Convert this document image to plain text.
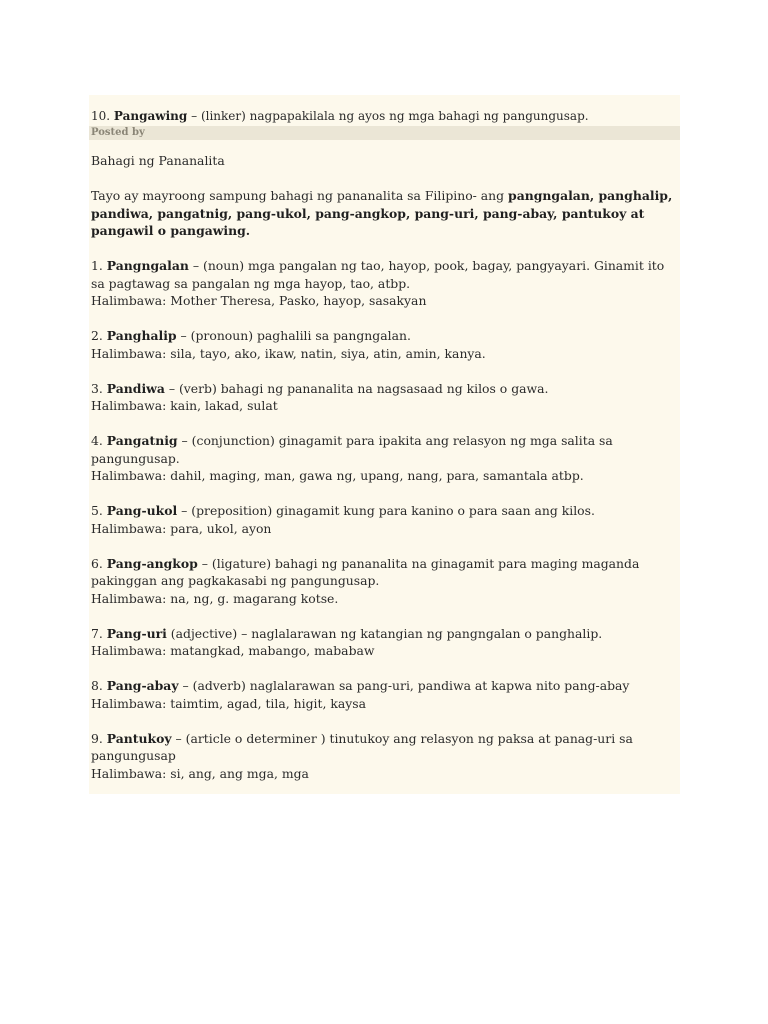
10. Pangawing – (linker) nagpapakilala ng ayos ng mga bahagi ng pangungusap.
Posted by

Bahagi ng Pananalita

Tayo ay mayroong sampung bahagi ng pananalita sa Filipino- ang pangngalan, panghalip, pandiwa, pangatnig, pang-ukol, pang-angkop, pang-uri, pang-abay, pantukoy at pangawil o pangawing.

1. Pangngalan – (noun) mga pangalan ng tao, hayop, pook, bagay, pangyayari. Ginamit ito sa pagtawag sa pangalan ng mga hayop, tao, atbp.

Halimbawa: Mother Theresa, Pasko, hayop, sasakyan

2. Panghalip – (pronoun) paghalili sa pangngalan.

Halimbawa: sila, tayo, ako, ikaw, natin, siya, atin, amin, kanya.

3. Pandiwa – (verb) bahagi ng pananalita na nagsasaad ng kilos o gawa.

Halimbawa: kain, lakad, sulat

4. Pangatnig – (conjunction) ginagamit para ipakita ang relasyon ng mga salita sa pangungusap.

Halimbawa: dahil, maging, man, gawa ng, upang, nang, para, samantala atbp.

5. Pang-ukol – (preposition) ginagamit kung para kanino o para saan ang kilos.

Halimbawa: para, ukol, ayon

6. Pang-angkop – (ligature) bahagi ng pananalita na ginagamit para maging maganda pakinggan ang pagkakasabi ng pangungusap.

Halimbawa: na, ng, g. magarang kotse.

7. Pang-uri (adjective) – naglalarawan ng katangian ng pangngalan o panghalip.

Halimbawa: matangkad, mabango, mababaw

8. Pang-abay – (adverb) naglalarawan sa pang-uri, pandiwa at kapwa nito pang-abay

Halimbawa: taimtim, agad, tila, higit, kaysa

9. Pantukoy – (article o determiner ) tinutukoy ang relasyon ng paksa at panag-uri sa pangungusap

Halimbawa: si, ang, ang mga, mga
